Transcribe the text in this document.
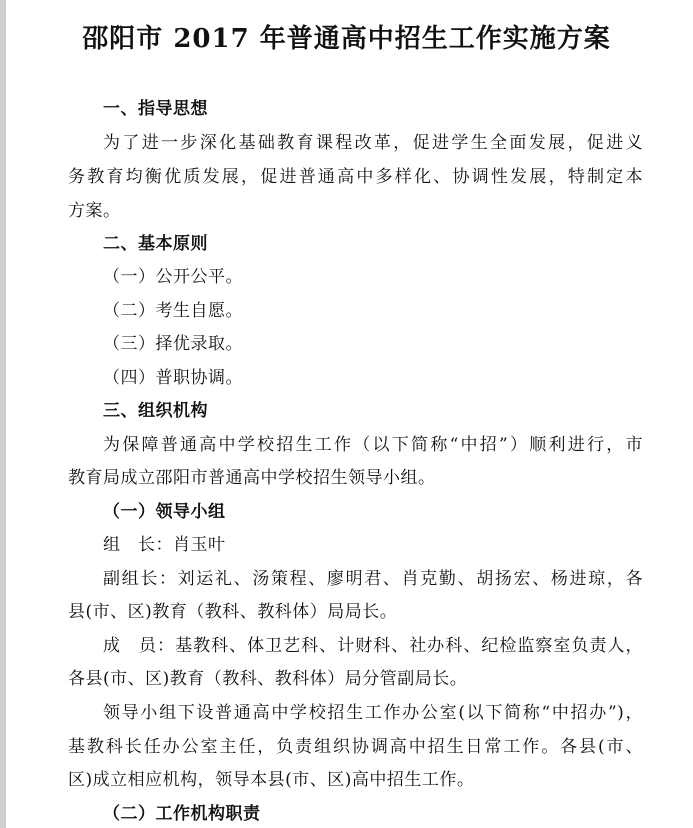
邵阳市 2017 年普通高中招生工作实施方案
一、指导思想
为了进一步深化基础教育课程改革，促进学生全面发展，促进义
务教育均衡优质发展，促进普通高中多样化、协调性发展，特制定本
方案。
二、基本原则
（一）公开公平。
（二）考生自愿。
（三）择优录取。
（四）普职协调。
三、组织机构
为保障普通高中学校招生工作（以下简称“中招”）顺利进行，市
教育局成立邵阳市普通高中学校招生领导小组。
（一）领导小组
组　长：肖玉叶
副组长：刘运礼、汤策程、廖明君、肖克勤、胡扬宏、杨进琼，各
县(市、区)教育（教科、教科体）局局长。
成　员：基教科、体卫艺科、计财科、社办科、纪检监察室负责人，
各县(市、区)教育（教科、教科体）局分管副局长。
领导小组下设普通高中学校招生工作办公室(以下简称“中招办”)，
基教科长任办公室主任，负责组织协调高中招生日常工作。各县(市、
区)成立相应机构，领导本县(市、区)高中招生工作。
（二）工作机构职责
